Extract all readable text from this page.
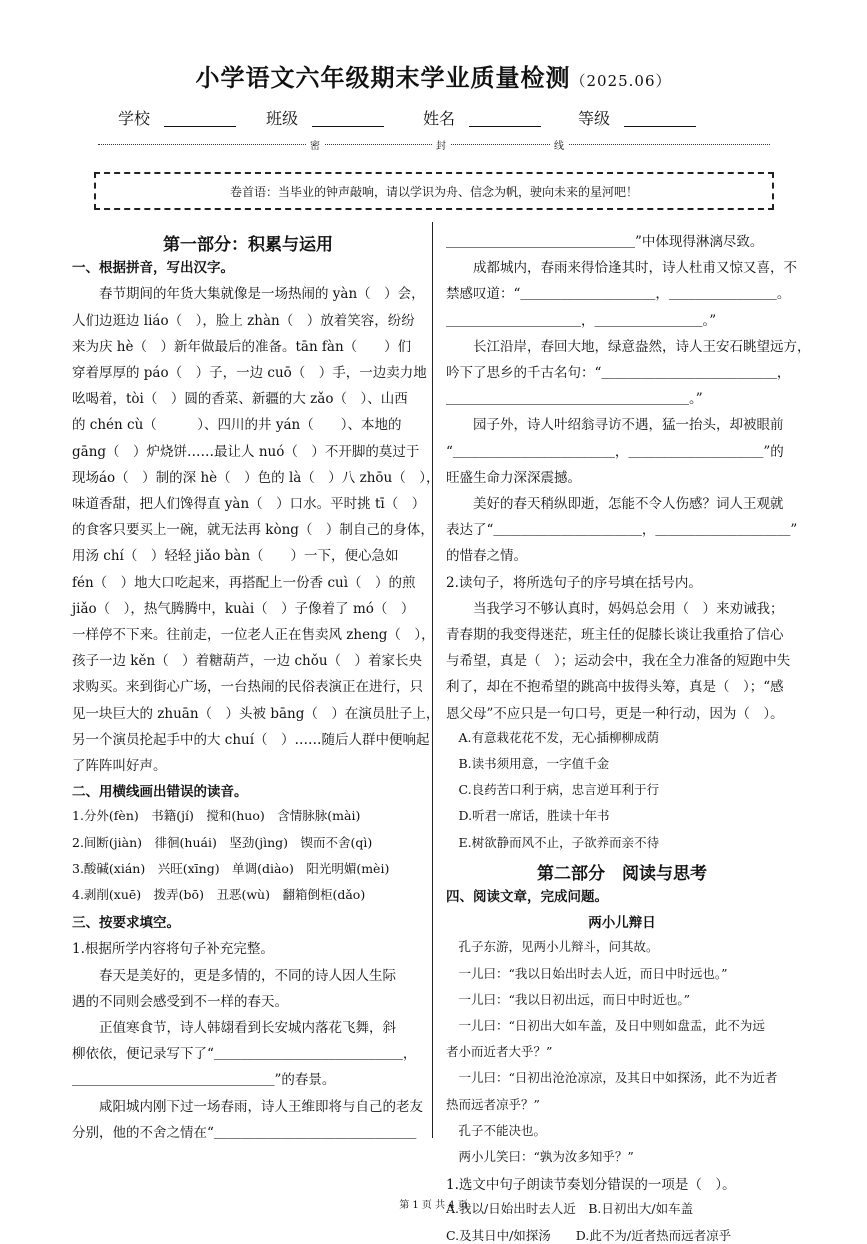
小学语文六年级期末学业质量检测（2025.06）
学校	班级	姓名	等级
密	封	线
卷首语：当毕业的钟声敲响，请以学识为舟、信念为帆，驶向未来的星河吧！
第一部分：积累与运用
一、根据拼音，写出汉字。
　　春节期间的年货大集就像是一场热闹的 yàn（　）会，
人们边逛边 liáo（　），脸上 zhàn（　）放着笑容，纷纷
来为庆 hè（　）新年做最后的准备。tān fàn（　　）们
穿着厚厚的 páo（　）子，一边 cuō（　）手，一边卖力地
吆喝着，tòi（　）圆的香菜、新疆的大 zǎo（　）、山西
的 chén cù（　　　）、四川的井 yán（　　）、本地的
gāng（　）炉烧饼……最让人 nuó（　）不开脚的莫过于
现场áo（　）制的深 hè（　）色的 là（　）八 zhōu（　），
味道香甜，把人们馋得直 yàn（　）口水。平时挑 tī（　）
的食客只要买上一碗，就无法再 kòng（　）制自己的身体，
用汤 chí（　）轻轻 jiǎo bàn（　　）一下，便心急如
fén（　）地大口吃起来，再搭配上一份香 cuì（　）的煎
jiǎo（　），热气腾腾中，kuài（　）子像着了 mó（　）
一样停不下来。往前走，一位老人正在售卖风 zheng（　），
孩子一边 kěn（　）着糖葫芦，一边 chǒu（　）着家长央
求购买。来到街心广场，一台热闹的民俗表演正在进行，只
见一块巨大的 zhuān（　）头被 bāng（　）在演员肚子上，
另一个演员抡起手中的大 chuí（　）……随后人群中便响起
了阵阵叫好声。
二、用横线画出错误的读音。
1.分外(fèn)　书籍(jí)　搅和(huo)　含情脉脉(mài)
2.间断(jiàn)　徘徊(huái)　坚劲(jìng)　锲而不舍(qì)
3.酸碱(xián)　兴旺(xīng)　单调(diào)　阳光明媚(mèi)
4.剥削(xuē)　拨弄(bō)　丑恶(wù)　翻箱倒柜(dǎo)
三、按要求填空。
1.根据所学内容将句子补充完整。
　　春天是美好的，更是多情的，不同的诗人因人生际
遇的不同则会感受到不一样的春天。
　　正值寒食节，诗人韩翃看到长安城内落花飞舞，斜
柳依依，便记录写下了“＿＿＿＿＿＿＿＿＿＿＿＿＿＿，
＿＿＿＿＿＿＿＿＿＿＿＿＿＿＿”的春景。
　　咸阳城内刚下过一场春雨，诗人王维即将与自己的老友
分别，他的不舍之情在“＿＿＿＿＿＿＿＿＿＿＿＿＿＿＿
＿＿＿＿＿＿＿＿＿＿＿＿＿＿”中体现得淋漓尽致。
　　成都城内，春雨来得恰逢其时，诗人杜甫又惊又喜，不
禁感叹道：“＿＿＿＿＿＿＿＿＿＿，＿＿＿＿＿＿＿＿。
＿＿＿＿＿＿＿＿＿＿，＿＿＿＿＿＿＿＿。”
　　长江沿岸，春回大地，绿意盎然，诗人王安石眺望远方，
吟下了思乡的千古名句：“＿＿＿＿＿＿＿＿＿＿＿＿＿，
＿＿＿＿＿＿＿＿＿＿＿＿＿＿＿＿＿＿。”
　　园子外，诗人叶绍翁寻访不遇，猛一抬头，却被眼前
“＿＿＿＿＿＿＿＿＿＿＿＿，＿＿＿＿＿＿＿＿＿＿”的
旺盛生命力深深震撼。
　　美好的春天稍纵即逝，怎能不令人伤感？词人王观就
表达了“＿＿＿＿＿＿＿＿＿＿＿，＿＿＿＿＿＿＿＿＿＿”
的惜春之情。
2.读句子，将所选句子的序号填在括号内。
　　当我学习不够认真时，妈妈总会用（　）来劝诫我；
青春期的我变得迷茫，班主任的促膝长谈让我重拾了信心
与希望，真是（　）；运动会中，我在全力准备的短跑中失
利了，却在不抱希望的跳高中拔得头筹，真是（　）；“感
恩父母”不应只是一句口号，更是一种行动，因为（　）。
　A.有意栽花花不发，无心插柳柳成荫
　B.读书须用意，一字值千金
　C.良药苦口利于病，忠言逆耳利于行
　D.听君一席话，胜读十年书
　E.树欲静而风不止，子欲养而亲不待
第二部分　阅读与思考
四、阅读文章，完成问题。
两小儿辩日
　孔子东游，见两小儿辩斗，问其故。
　一儿曰：“我以日始出时去人近，而日中时远也。”
　一儿曰：“我以日初出远，而日中时近也。”
　一儿曰：“日初出大如车盖，及日中则如盘盂，此不为远
者小而近者大乎？”
　一儿曰：“日初出沧沧凉凉，及其日中如探汤，此不为近者
热而远者凉乎？”
　孔子不能决也。
　两小儿笑曰：“孰为汝多知乎？”
1.选文中句子朗读节奏划分错误的一项是（　）。
A.我以/日始出时去人近　B.日初出大/如车盖
C.及其日中/如探汤　　D.此不为/近者热而远者凉乎
第 1 页 共 4 页
